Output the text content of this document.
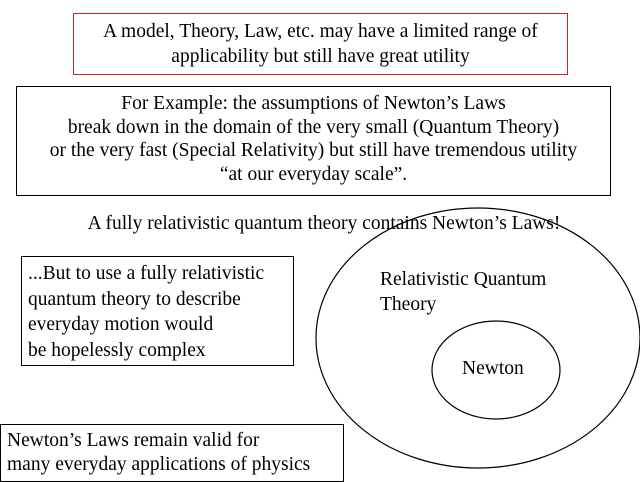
A model, Theory, Law, etc. may have a limited range of
applicability but still have great utility
For Example: the assumptions of Newton’s Laws
break down in the domain of the very small (Quantum Theory)
or the very fast (Special Relativity) but still have tremendous utility
“at our everyday scale”.
A fully relativistic quantum theory contains Newton’s Laws!
...But to use a fully relativistic
quantum theory to describe
everyday motion would
be hopelessly complex
Relativistic Quantum
Theory
Newton
Newton’s Laws remain valid for
many everyday applications of physics
